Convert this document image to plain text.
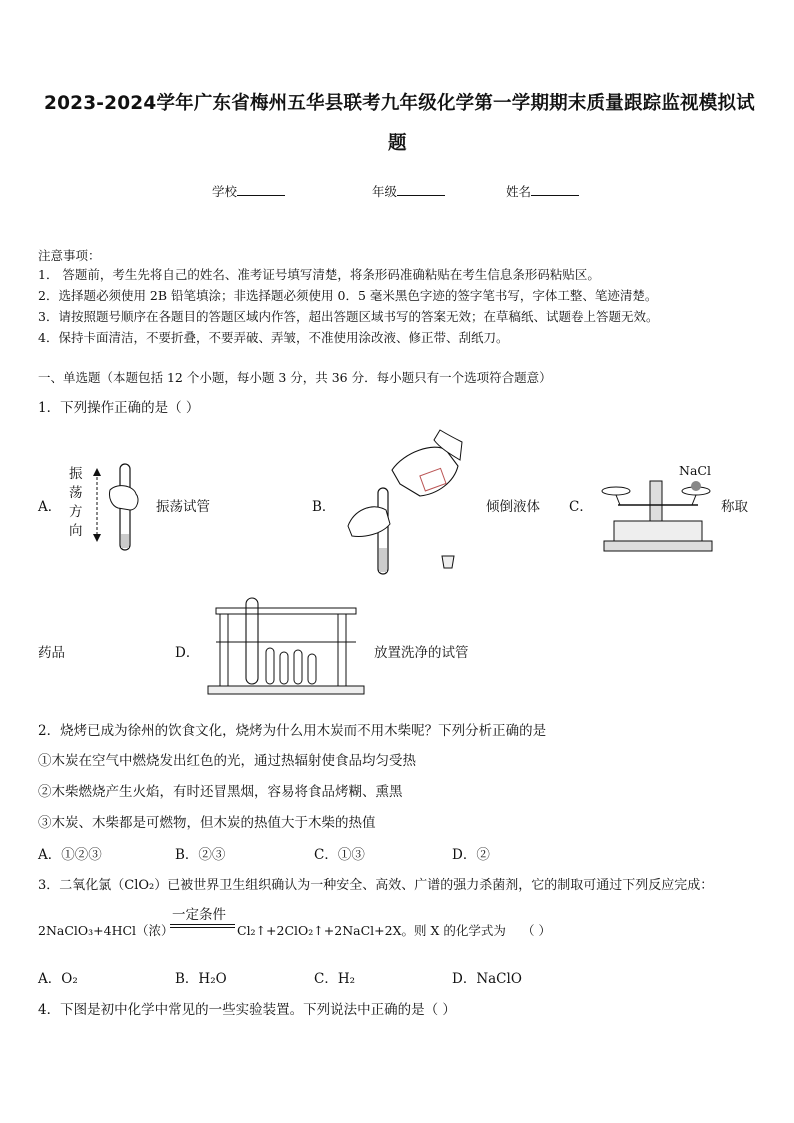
2023-2024学年广东省梅州五华县联考九年级化学第一学期期末质量跟踪监视模拟试
题
学校	年级	姓名
注意事项：
1． 答题前，考生先将自己的姓名、准考证号填写清楚，将条形码准确粘贴在考生信息条形码粘贴区。
2．选择题必须使用 2B 铅笔填涂；非选择题必须使用 0．5 毫米黑色字迹的签字笔书写，字体工整、笔迹清楚。
3．请按照题号顺序在各题目的答题区域内作答，超出答题区域书写的答案无效；在草稿纸、试题卷上答题无效。
4．保持卡面清洁，不要折叠，不要弄破、弄皱，不准使用涂改液、修正带、刮纸刀。
一、单选题（本题包括 12 个小题，每小题 3 分，共 36 分．每小题只有一个选项符合题意）
1．下列操作正确的是（ ）
A．
振
荡
方
向
振荡试管	B．	倾倒液体 C．
NaCl
称取
药品	D．	放置洗净的试管
2．烧烤已成为徐州的饮食文化，烧烤为什么用木炭而不用木柴呢？下列分析正确的是
①木炭在空气中燃烧发出红色的光，通过热辐射使食品均匀受热
②木柴燃烧产生火焰，有时还冒黑烟，容易将食品烤糊、熏黑
③木炭、木柴都是可燃物，但木炭的热值大于木柴的热值
A．①②③	B．②③	C．①③	D．②
3．二氧化氯（ClO₂）已被世界卫生组织确认为一种安全、高效、广谱的强力杀菌剂，它的制取可通过下列反应完成：
2NaClO₃+4HCl（浓）
一定条件
Cl₂↑+2ClO₂↑+2NaCl+2X。则 X 的化学式为 （ ）
A．O₂	B．H₂O	C．H₂	D．NaClO
4．下图是初中化学中常见的一些实验装置。下列说法中正确的是（ ）
